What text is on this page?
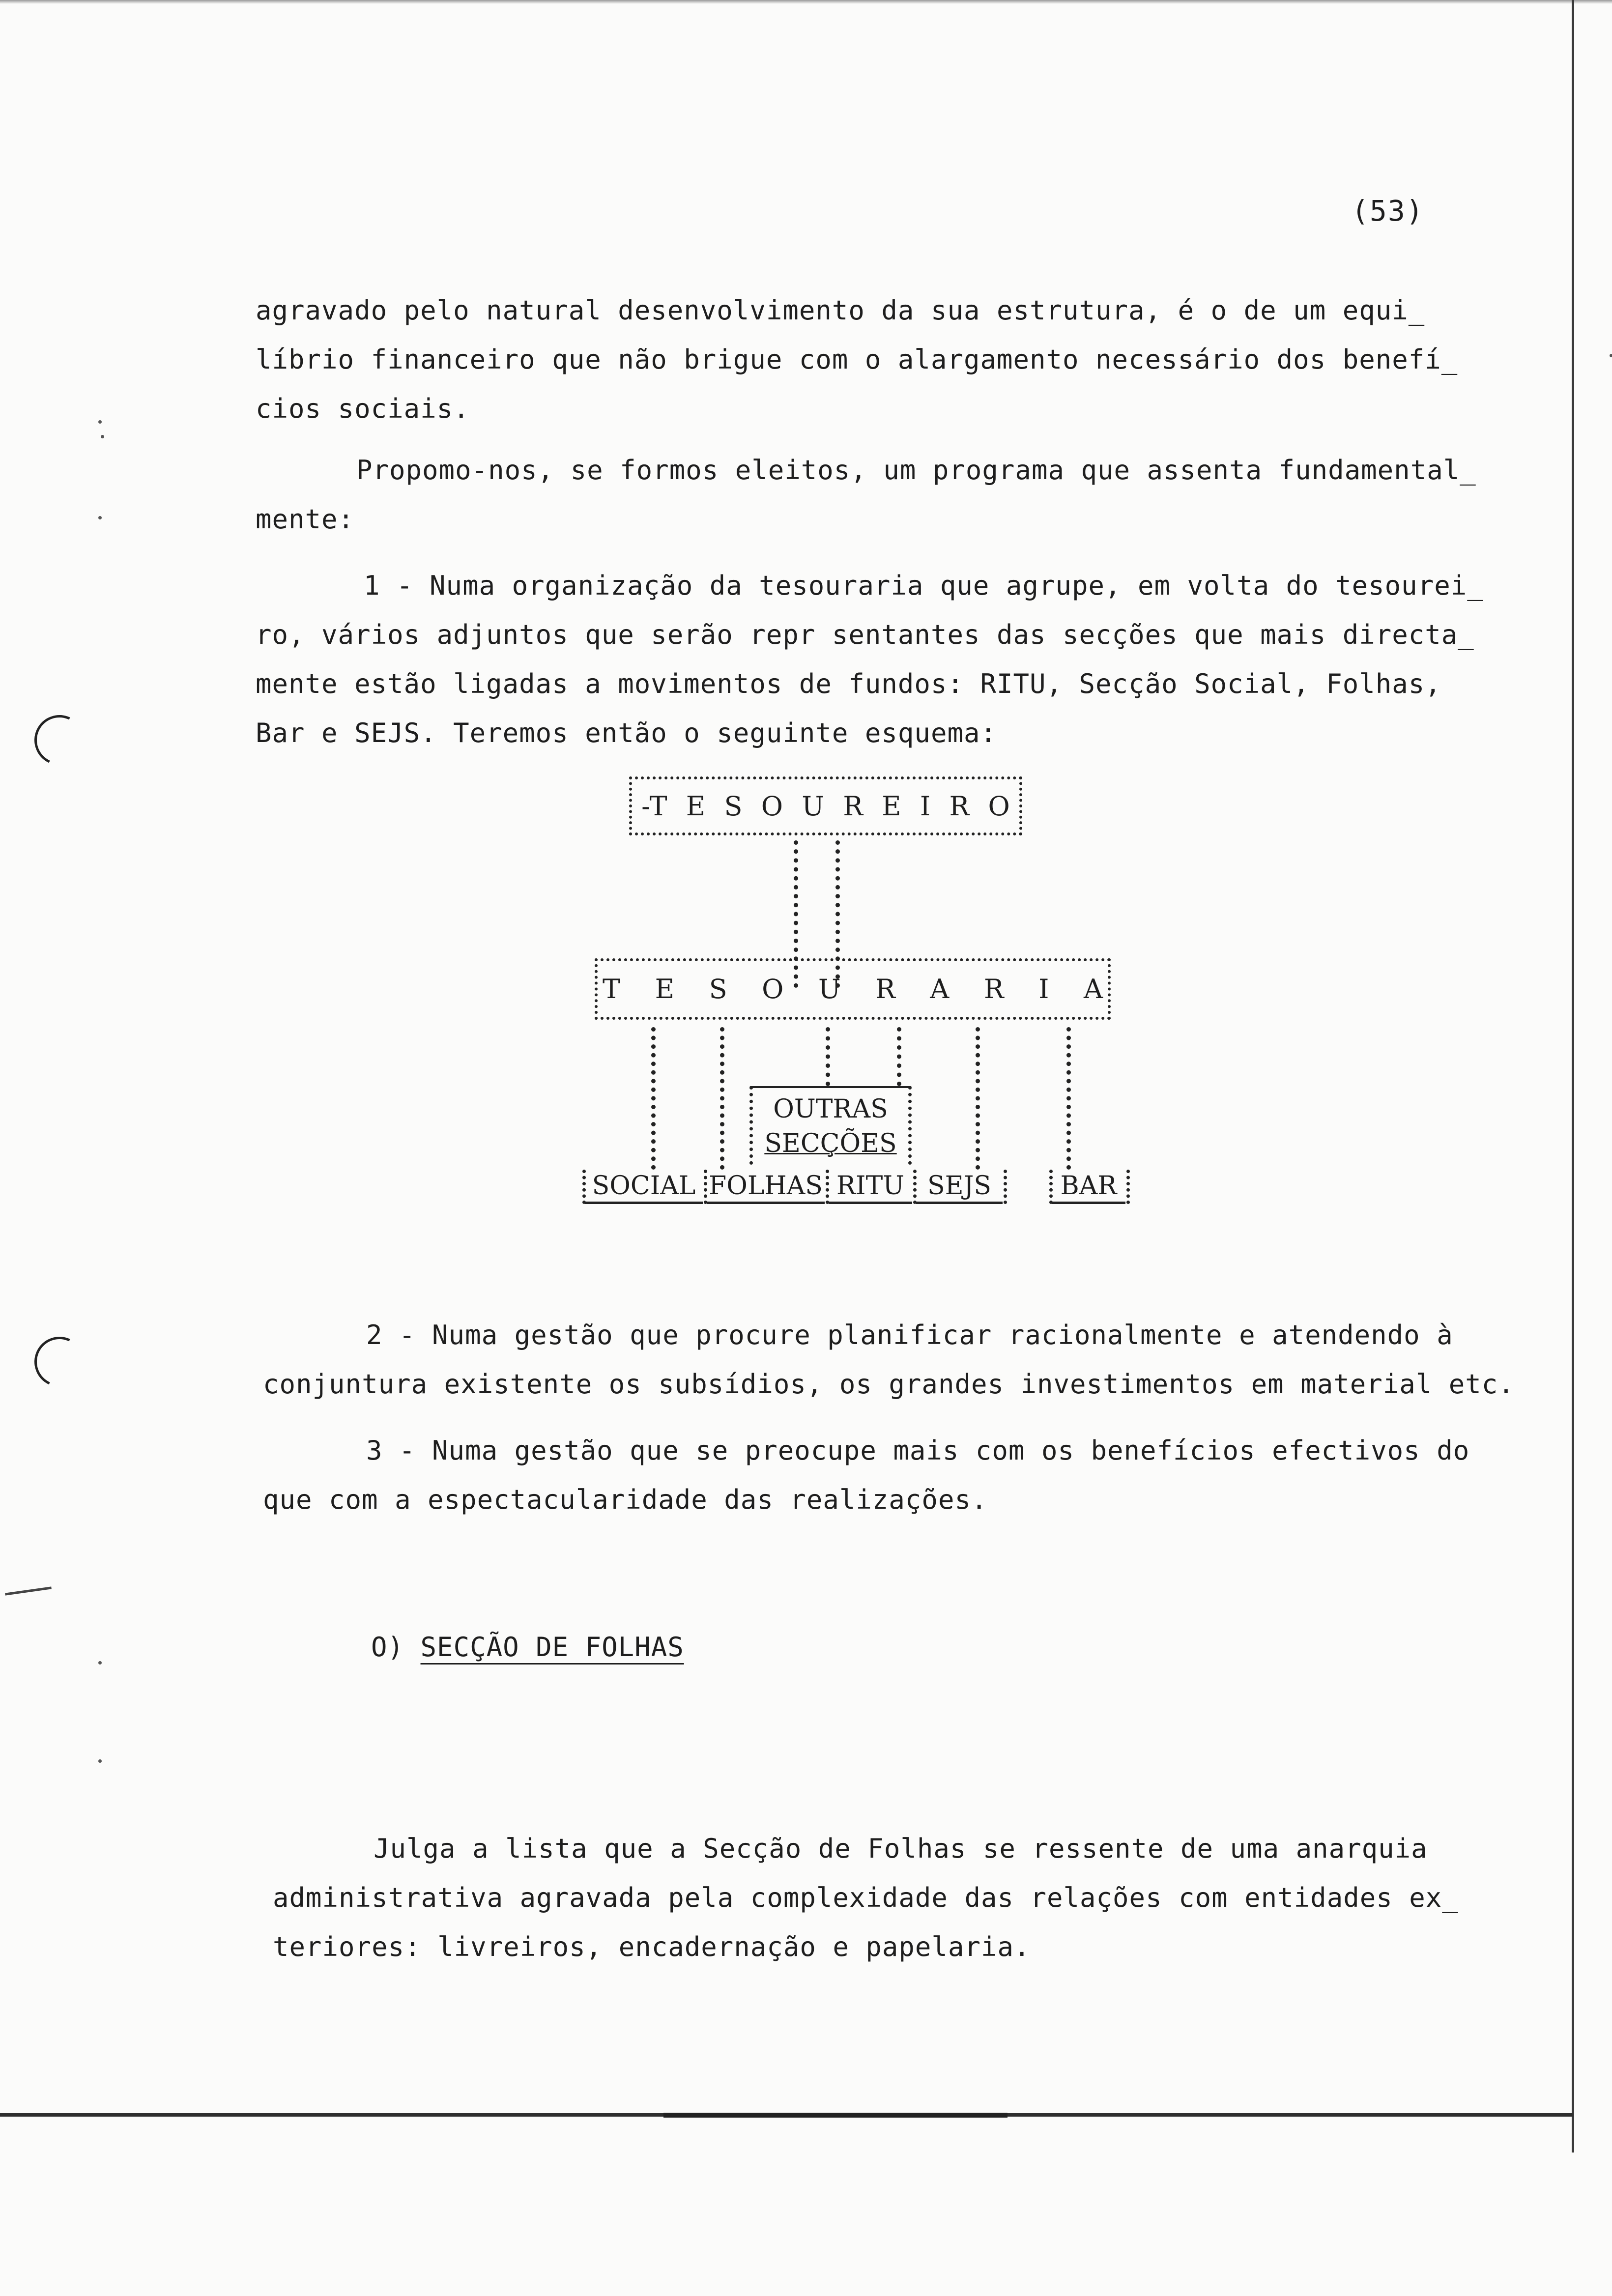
(53)
agravado pelo natural desenvolvimento da sua estrutura, é o de um equi_
líbrio financeiro que não brigue com o alargamento necessário dos benefí_
cios sociais.
Propomo-nos, se formos eleitos, um programa que assenta fundamental_
mente:
1 - Numa organização da tesouraria que agrupe, em volta do tesourei_
ro, vários adjuntos que serão repr sentantes das secções que mais directa_
mente estão ligadas a movimentos de fundos: RITU, Secção Social, Folhas,
Bar e SEJS. Teremos então o seguinte esquema:
-T E S O U R E I R O
T E S O U R A R I A
OUTRAS
SECÇÕES
SOCIAL FOLHAS RITU SEJS	BAR
2 - Numa gestão que procure planificar racionalmente e atendendo à
conjuntura existente os subsídios, os grandes investimentos em material etc.
3 - Numa gestão que se preocupe mais com os benefícios efectivos do
que com a espectacularidade das realizações.
O) SECÇÃO DE FOLHAS
Julga a lista que a Secção de Folhas se ressente de uma anarquia
administrativa agravada pela complexidade das relações com entidades ex_
teriores: livreiros, encadernação e papelaria.
